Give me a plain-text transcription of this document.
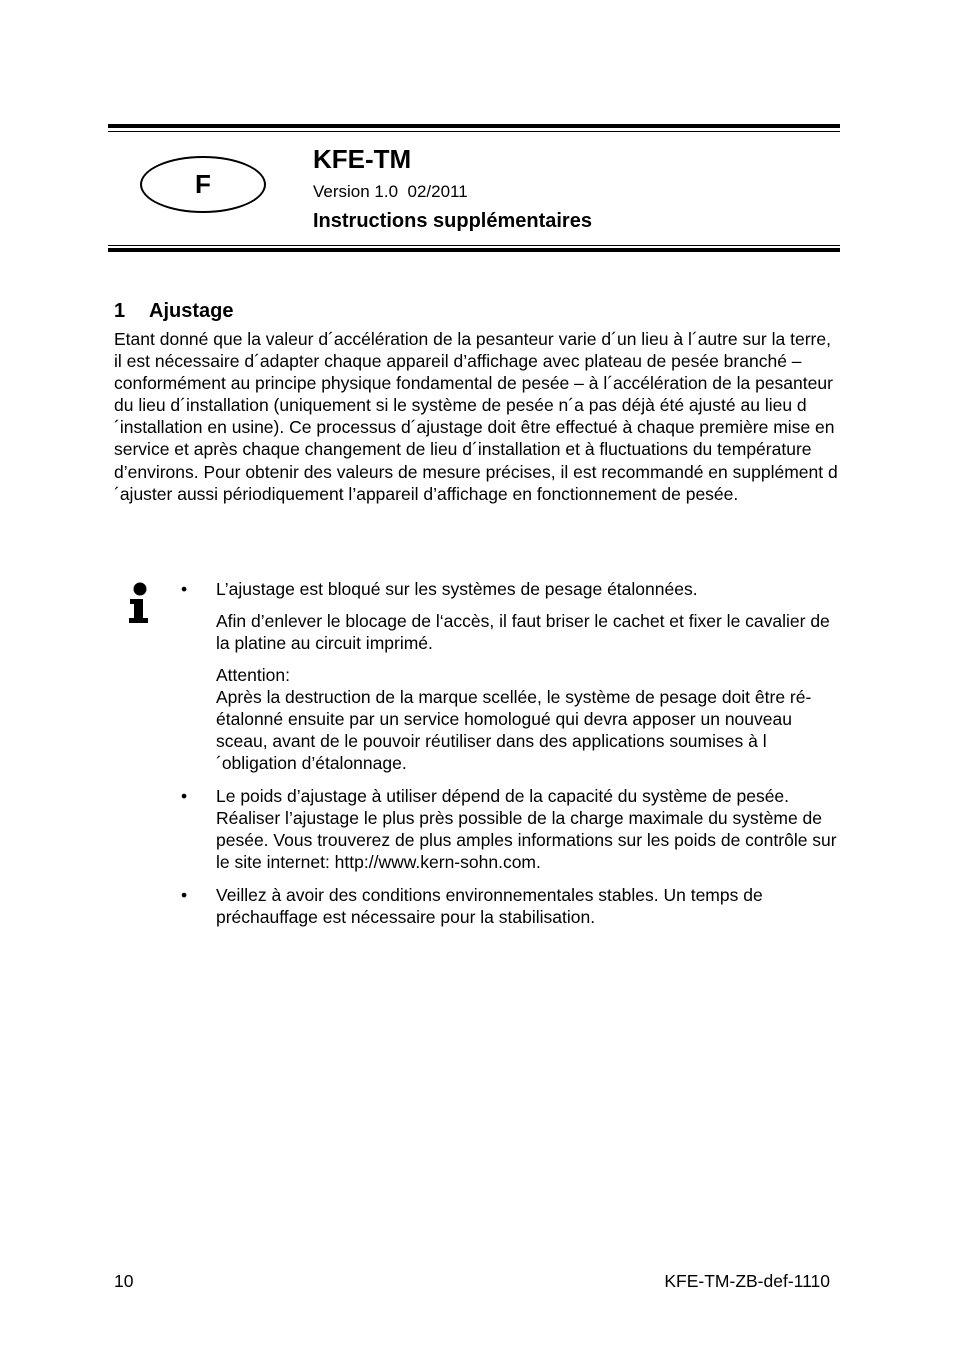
F
KFE-TM
Version 1.0  02/2011
Instructions supplémentaires
1 Ajustage

Etant donné que la valeur d´accélération de la pesanteur varie d´un lieu à l´autre sur la terre, il est nécessaire d´adapter chaque appareil d’affichage avec plateau de pesée branché – conformément au principe physique fondamental de pesée – à l´accélération de la pesanteur du lieu d´installation (uniquement si le système de pesée n´a pas déjà été ajusté au lieu d´installation en usine). Ce processus d´ajustage doit être effectué à chaque première mise en service et après chaque changement de lieu d´installation et à fluctuations du température d’environs. Pour obtenir des valeurs de mesure précises, il est recommandé en supplément d´ajuster aussi périodiquement l’appareil d’affichage en fonctionnement de pesée.

• L’ajustage est bloqué sur les systèmes de pesage étalonnées.

Afin d’enlever le blocage de l‘accès, il faut briser le cachet et fixer le cavalier de la platine au circuit imprimé.

Attention:
Après la destruction de la marque scellée, le système de pesage doit être ré-étalonné ensuite par un service homologué qui devra apposer un nouveau sceau, avant de le pouvoir réutiliser dans des applications soumises à l´obligation d’étalonnage.

• Le poids d’ajustage à utiliser dépend de la capacité du système de pesée. Réaliser l’ajustage le plus près possible de la charge maximale du système de pesée. Vous trouverez de plus amples informations sur les poids de contrôle sur le site internet: http://www.kern-sohn.com.

• Veillez à avoir des conditions environnementales stables. Un temps de préchauffage est nécessaire pour la stabilisation.

10	KFE-TM-ZB-def-1110
